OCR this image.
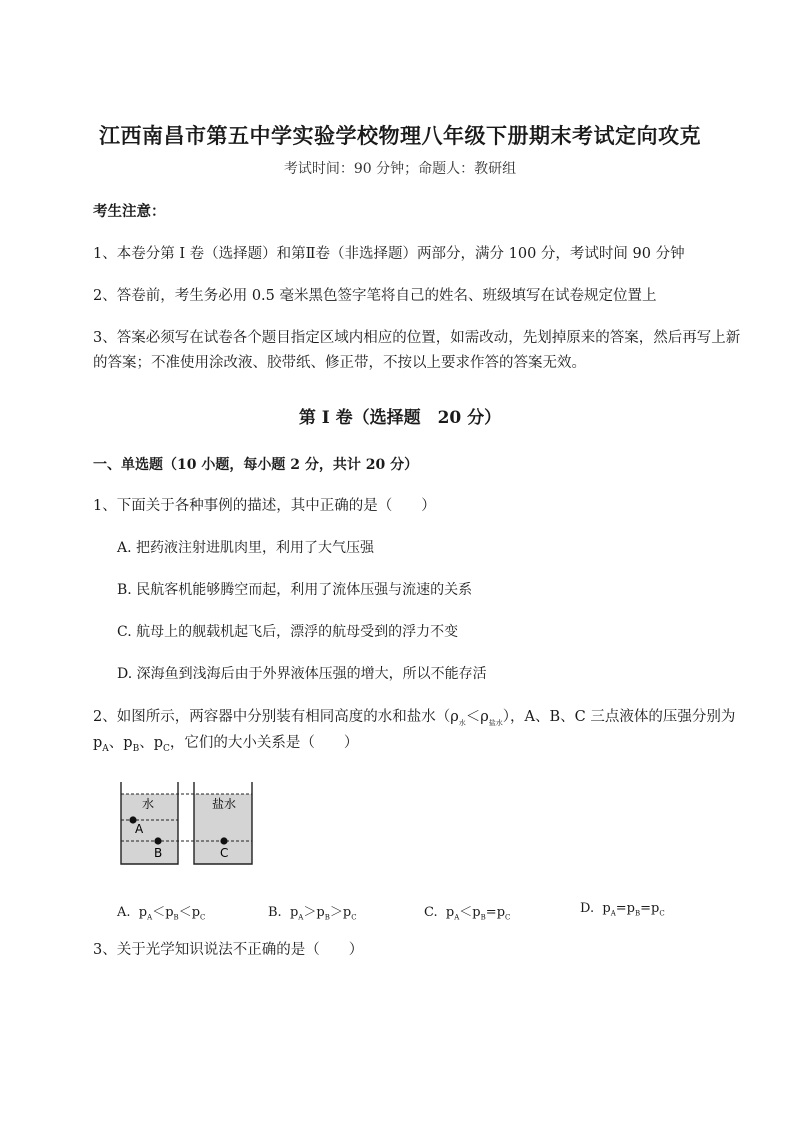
江西南昌市第五中学实验学校物理八年级下册期末考试定向攻克
考试时间：90 分钟；命题人：教研组
考生注意：
1、本卷分第 I 卷（选择题）和第Ⅱ卷（非选择题）两部分，满分 100 分，考试时间 90 分钟
2、答卷前，考生务必用 0.5 毫米黑色签字笔将自己的姓名、班级填写在试卷规定位置上
3、答案必须写在试卷各个题目指定区域内相应的位置，如需改动，先划掉原来的答案，然后再写上新
的答案；不准使用涂改液、胶带纸、修正带，不按以上要求作答的答案无效。
第 I 卷（选择题　20 分）
一、单选题（10 小题，每小题 2 分，共计 20 分）
1、下面关于各种事例的描述，其中正确的是（　　）
A. 把药液注射进肌肉里，利用了大气压强
B. 民航客机能够腾空而起，利用了流体压强与流速的关系
C. 航母上的舰载机起飞后，漂浮的航母受到的浮力不变
D. 深海鱼到浅海后由于外界液体压强的增大，所以不能存活
2、如图所示，两容器中分别装有相同高度的水和盐水$(\rho_水<\rho_{盐水})$，A、B、C 三点液体的压强分别为
$p_A$、$p_B$、$p_C$，它们的大小关系是（　　）
水	盐水
A
B	C
A. $p_A<p_B<p_C$	B. $p_A>p_B>p_C$	C. $p_A<p_B=p_C$
D. $p_A=p_B=p_C$
3、关于光学知识说法不正确的是（　　）
